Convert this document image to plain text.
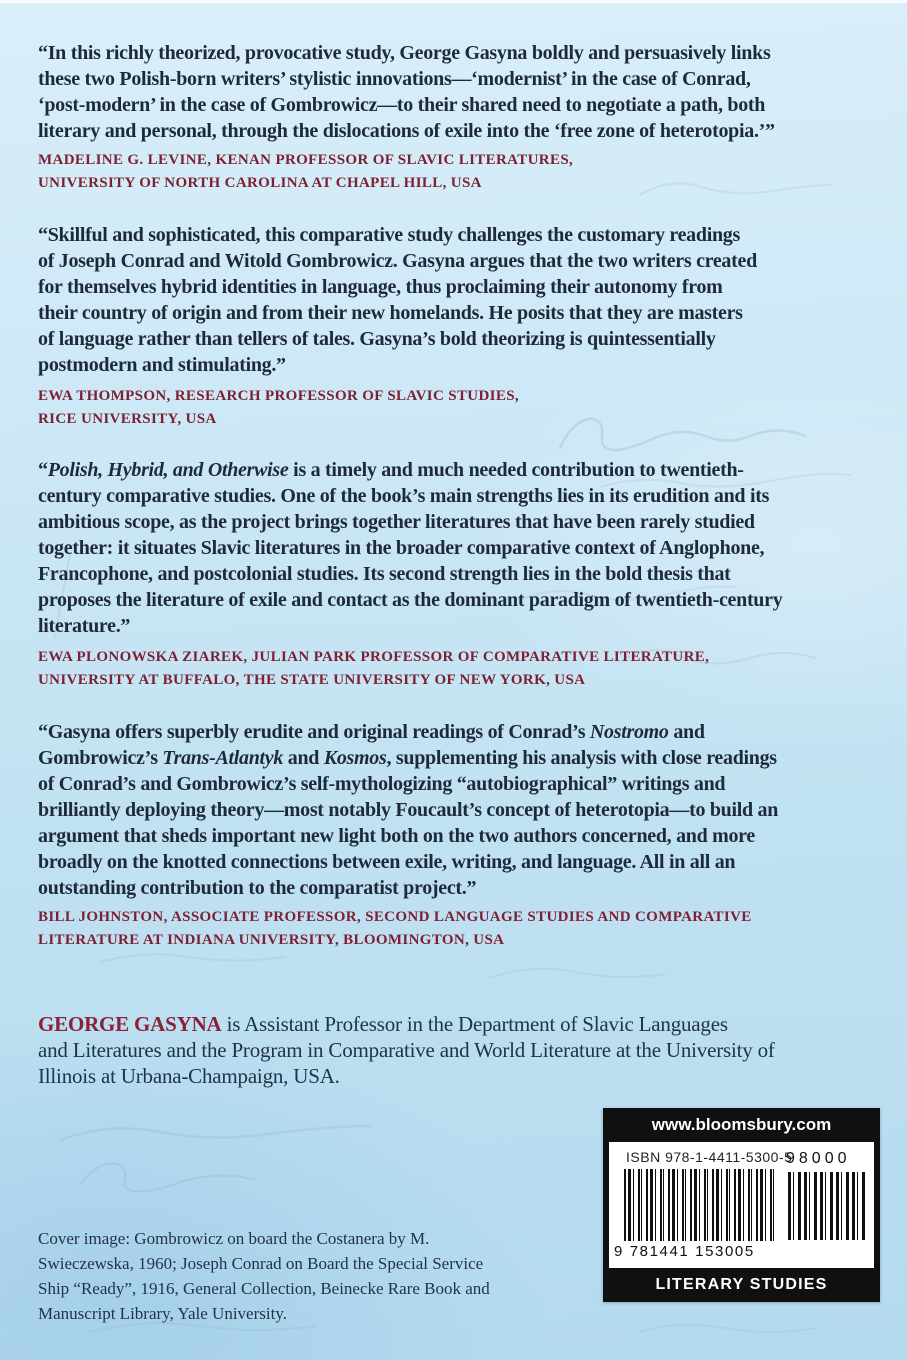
“In this richly theorized, provocative study, George Gasyna boldly and persuasively links
these two Polish-born writers’ stylistic innovations—‘modernist’ in the case of Conrad,
‘post-modern’ in the case of Gombrowicz—to their shared need to negotiate a path, both
literary and personal, through the dislocations of exile into the ‘free zone of heterotopia.’”
MADELINE G. LEVINE, KENAN PROFESSOR OF SLAVIC LITERATURES,
UNIVERSITY OF NORTH CAROLINA AT CHAPEL HILL, USA
“Skillful and sophisticated, this comparative study challenges the customary readings
of Joseph Conrad and Witold Gombrowicz. Gasyna argues that the two writers created
for themselves hybrid identities in language, thus proclaiming their autonomy from
their country of origin and from their new homelands. He posits that they are masters
of language rather than tellers of tales. Gasyna’s bold theorizing is quintessentially
postmodern and stimulating.”
EWA THOMPSON, RESEARCH PROFESSOR OF SLAVIC STUDIES,
RICE UNIVERSITY, USA
“Polish, Hybrid, and Otherwise is a timely and much needed contribution to twentieth-
century comparative studies. One of the book’s main strengths lies in its erudition and its
ambitious scope, as the project brings together literatures that have been rarely studied
together: it situates Slavic literatures in the broader comparative context of Anglophone,
Francophone, and postcolonial studies. Its second strength lies in the bold thesis that
proposes the literature of exile and contact as the dominant paradigm of twentieth-century
literature.”
EWA PLONOWSKA ZIAREK, JULIAN PARK PROFESSOR OF COMPARATIVE LITERATURE,
UNIVERSITY AT BUFFALO, THE STATE UNIVERSITY OF NEW YORK, USA
“Gasyna offers superbly erudite and original readings of Conrad’s Nostromo and
Gombrowicz’s Trans-Atlantyk and Kosmos, supplementing his analysis with close readings
of Conrad’s and Gombrowicz’s self-mythologizing “autobiographical” writings and
brilliantly deploying theory—most notably Foucault’s concept of heterotopia—to build an
argument that sheds important new light both on the two authors concerned, and more
broadly on the knotted connections between exile, writing, and language. All in all an
outstanding contribution to the comparatist project.”
BILL JOHNSTON, ASSOCIATE PROFESSOR, SECOND LANGUAGE STUDIES AND COMPARATIVE
LITERATURE AT INDIANA UNIVERSITY, BLOOMINGTON, USA
GEORGE GASYNA is Assistant Professor in the Department of Slavic Languages
and Literatures and the Program in Comparative and World Literature at the University of
Illinois at Urbana-Champaign, USA.
Cover image: Gombrowicz on board the Costanera by M.
Swieczewska, 1960; Joseph Conrad on Board the Special Service
Ship “Ready”, 1916, General Collection, Beinecke Rare Book and
Manuscript Library, Yale University.
www.bloomsbury.com
ISBN 978-1-4411-5300-5
9 781441 153005
98000
LITERARY STUDIES
